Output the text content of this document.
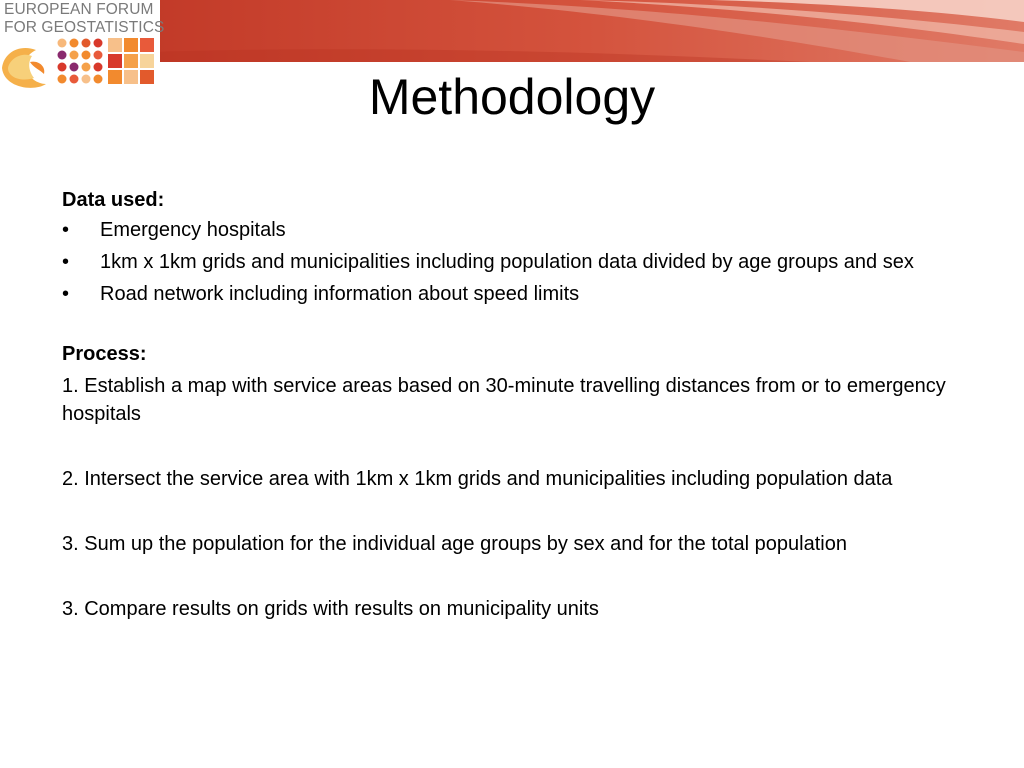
EUROPEAN FORUM
FOR GEOSTATISTICS
Methodology
Data used:
• Emergency hospitals
• 1km x 1km grids and municipalities including population data divided by age groups and sex
• Road network including information about speed limits
Process:
1. Establish a map with service areas based on 30-minute travelling distances from or to emergency hospitals
2. Intersect the service area with 1km x 1km grids and municipalities including population data
3. Sum up the population for the individual age groups by sex and for the total population
3. Compare results on grids with results on municipality units
